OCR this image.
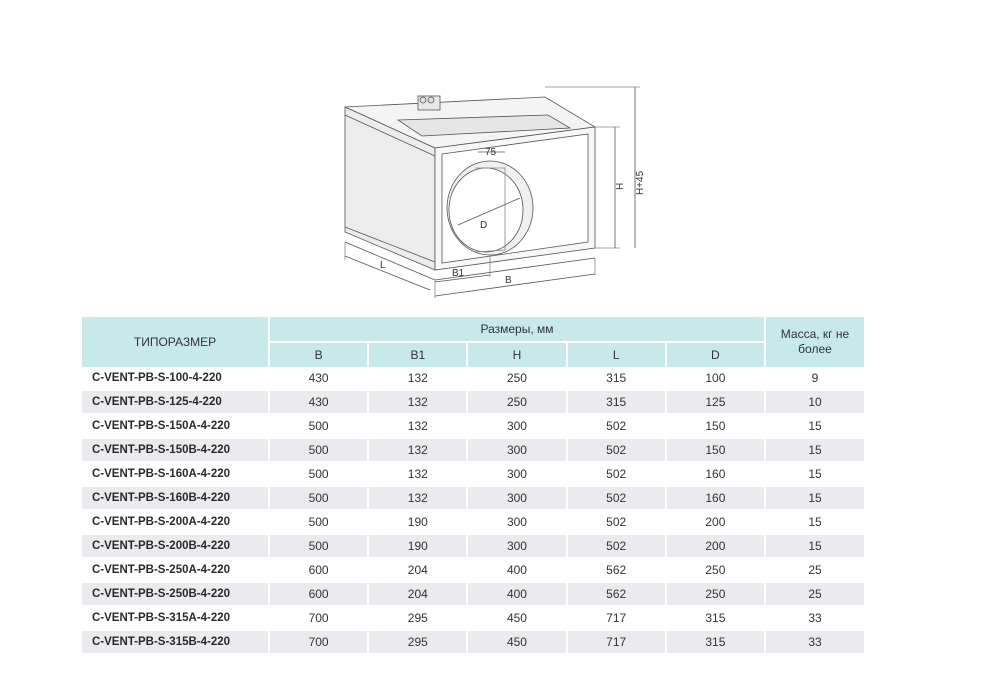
75
D
H H+45
L
B1
B
ТИПОРАЗМЕР	Размеры, мм					Масса, кг не более
	B	B1	H	L	D	
C-VENT-PB-S-100-4-220	430	132	250	315	100	9
C-VENT-PB-S-125-4-220	430	132	250	315	125	10
C-VENT-PB-S-150A-4-220	500	132	300	502	150	15
C-VENT-PB-S-150B-4-220	500	132	300	502	150	15
C-VENT-PB-S-160A-4-220	500	132	300	502	160	15
C-VENT-PB-S-160B-4-220	500	132	300	502	160	15
C-VENT-PB-S-200A-4-220	500	190	300	502	200	15
C-VENT-PB-S-200B-4-220	500	190	300	502	200	15
C-VENT-PB-S-250A-4-220	600	204	400	562	250	25
C-VENT-PB-S-250B-4-220	600	204	400	562	250	25
C-VENT-PB-S-315A-4-220	700	295	450	717	315	33
C-VENT-PB-S-315B-4-220	700	295	450	717	315	33
